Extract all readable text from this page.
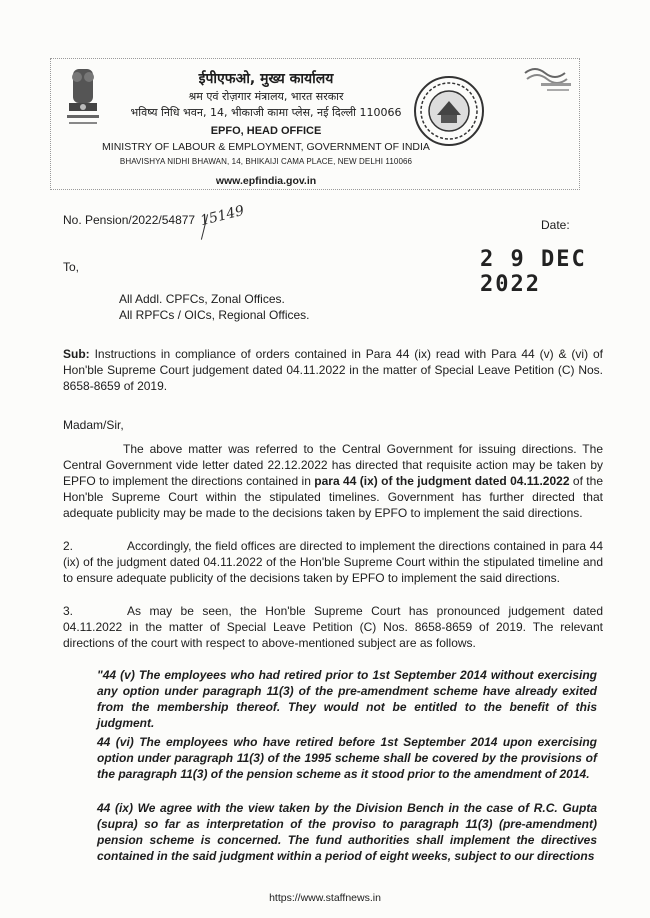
ईपीएफओ, मुख्य कार्यालय
श्रम एवं रोज़गार मंत्रालय, भारत सरकार
भविष्य निधि भवन, 14, भीकाजी कामा प्लेस, नई दिल्ली 110066
EPFO, HEAD OFFICE
MINISTRY OF LABOUR & EMPLOYMENT, GOVERNMENT OF INDIA
BHAVISHYA NIDHI BHAWAN, 14, BHIKAIJI CAMA PLACE, NEW DELHI 110066
www.epfindia.gov.in
No. Pension/2022/54877 15149	Date:
2 9 DEC 2022
To,
All Addl. CPFCs, Zonal Offices.
All RPFCs / OICs, Regional Offices.
Sub: Instructions in compliance of orders contained in Para 44 (ix) read with Para 44 (v) & (vi) of Hon'ble Supreme Court judgement dated 04.11.2022 in the matter of Special Leave Petition (C) Nos. 8658-8659 of 2019.
Madam/Sir,
The above matter was referred to the Central Government for issuing directions. The Central Government vide letter dated 22.12.2022 has directed that requisite action may be taken by EPFO to implement the directions contained in para 44 (ix) of the judgment dated 04.11.2022 of the Hon'ble Supreme Court within the stipulated timelines. Government has further directed that adequate publicity may be made to the decisions taken by EPFO to implement the said directions.
2.	Accordingly, the field offices are directed to implement the directions contained in para 44 (ix) of the judgment dated 04.11.2022 of the Hon'ble Supreme Court within the stipulated timeline and to ensure adequate publicity of the decisions taken by EPFO to implement the said directions.
3.	As may be seen, the Hon'ble Supreme Court has pronounced judgement dated 04.11.2022 in the matter of Special Leave Petition (C) Nos. 8658-8659 of 2019. The relevant directions of the court with respect to above-mentioned subject are as follows.
"44 (v) The employees who had retired prior to 1st September 2014 without exercising any option under paragraph 11(3) of the pre-amendment scheme have already exited from the membership thereof. They would not be entitled to the benefit of this judgment.
44 (vi) The employees who have retired before 1st September 2014 upon exercising option under paragraph 11(3) of the 1995 scheme shall be covered by the provisions of the paragraph 11(3) of the pension scheme as it stood prior to the amendment of 2014.
44 (ix) We agree with the view taken by the Division Bench in the case of R.C. Gupta (supra) so far as interpretation of the proviso to paragraph 11(3) (pre-amendment) pension scheme is concerned. The fund authorities shall implement the directives contained in the said judgment within a period of eight weeks, subject to our directions
https://www.staffnews.in
